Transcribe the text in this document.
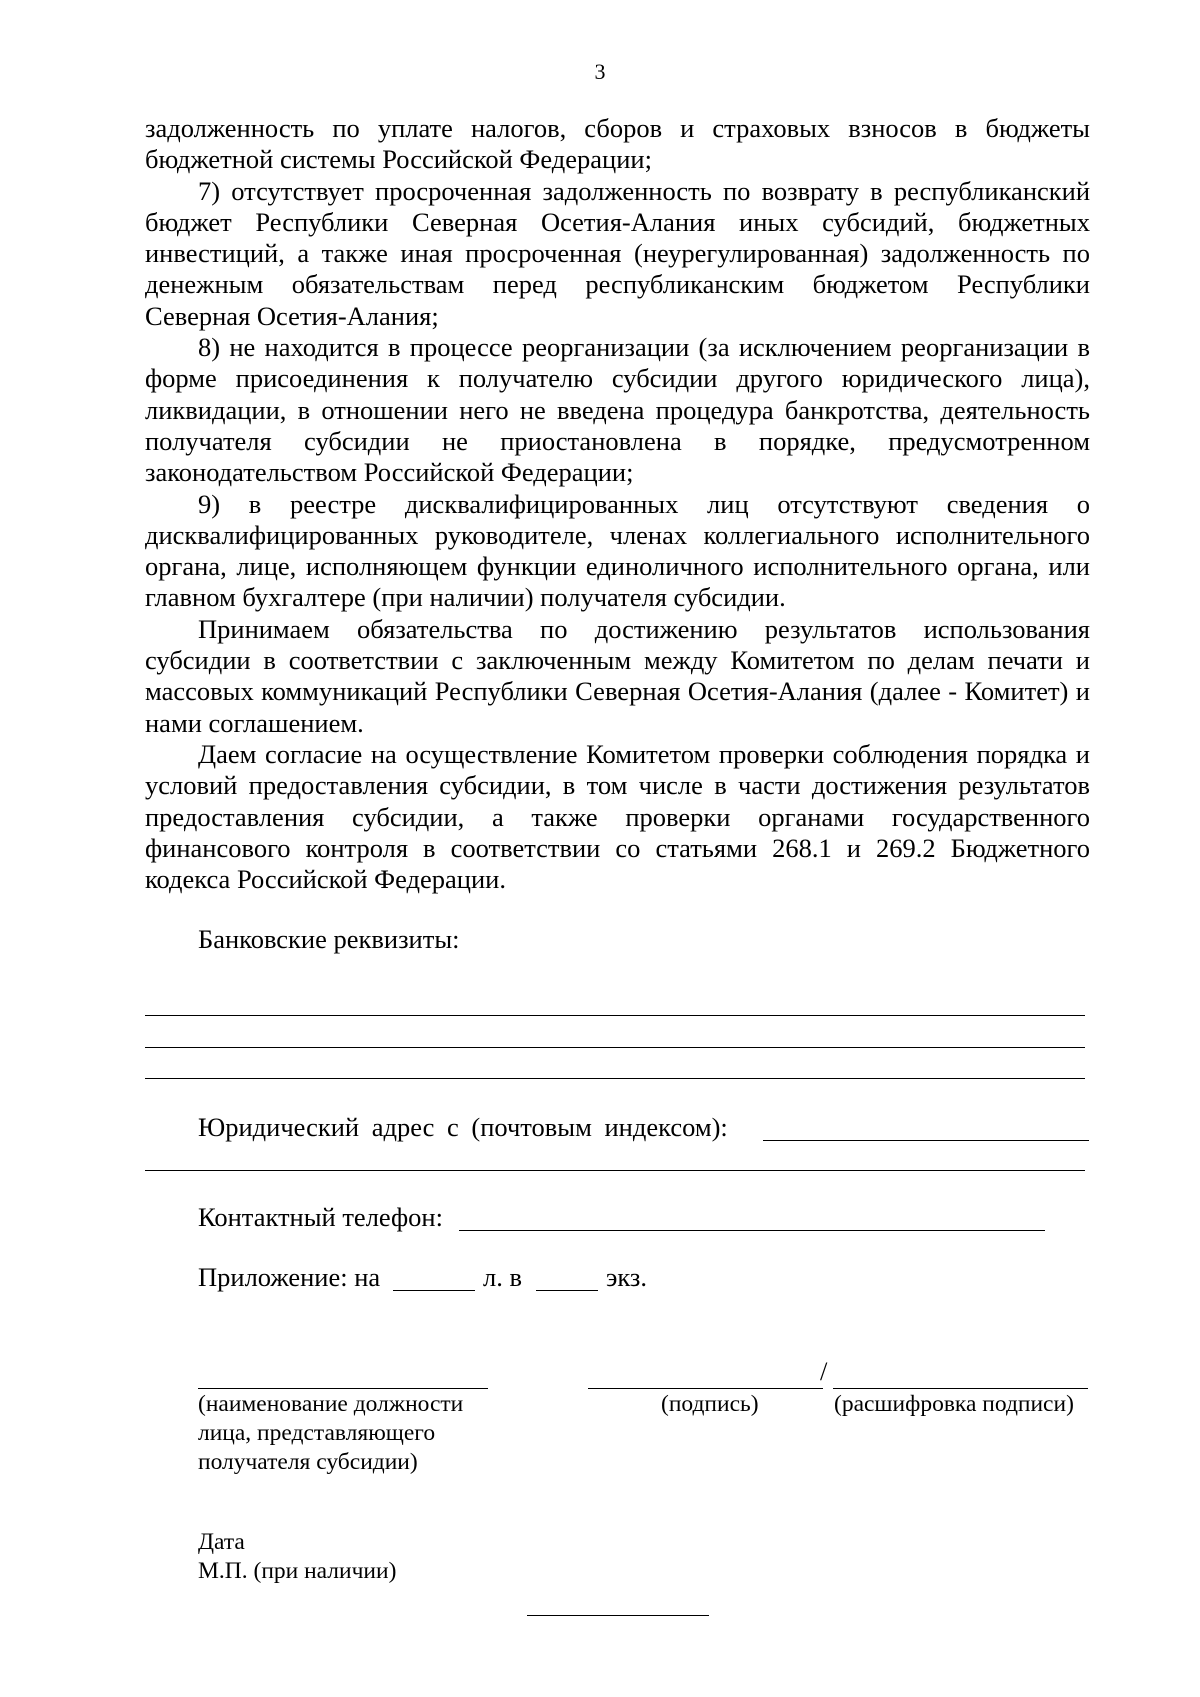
3

задолженность по уплате налогов, сборов и страховых взносов в бюджеты бюджетной системы Российской Федерации;

7) отсутствует просроченная задолженность по возврату в республиканский бюджет Республики Северная Осетия-Алания иных субсидий, бюджетных инвестиций, а также иная просроченная (неурегулированная) задолженность по денежным обязательствам перед республиканским бюджетом Республики Северная Осетия-Алания;

8) не находится в процессе реорганизации (за исключением реорганизации в форме присоединения к получателю субсидии другого юридического лица), ликвидации, в отношении него не введена процедура банкротства, деятельность получателя субсидии не приостановлена в порядке, предусмотренном законодательством Российской Федерации;

9) в реестре дисквалифицированных лиц отсутствуют сведения о дисквалифицированных руководителе, членах коллегиального исполнительного органа, лице, исполняющем функции единоличного исполнительного органа, или главном бухгалтере (при наличии) получателя субсидии.

Принимаем обязательства по достижению результатов использования субсидии в соответствии с заключенным между Комитетом по делам печати и массовых коммуникаций Республики Северная Осетия-Алания (далее - Комитет) и нами соглашением.

Даем согласие на осуществление Комитетом проверки соблюдения порядка и условий предоставления субсидии, в том числе в части достижения результатов предоставления субсидии, а также проверки органами государственного финансового контроля в соответствии со статьями 268.1 и 269.2 Бюджетного кодекса Российской Федерации.

Банковские реквизиты:
Юридический адрес с (почтовым индексом):
Контактный телефон:
Приложение: на	л. в	экз.
/
(наименование должности
лица, представляющего
получателя субсидии)
(подпись)	(расшифровка подписи)
Дата
М.П. (при наличии)
